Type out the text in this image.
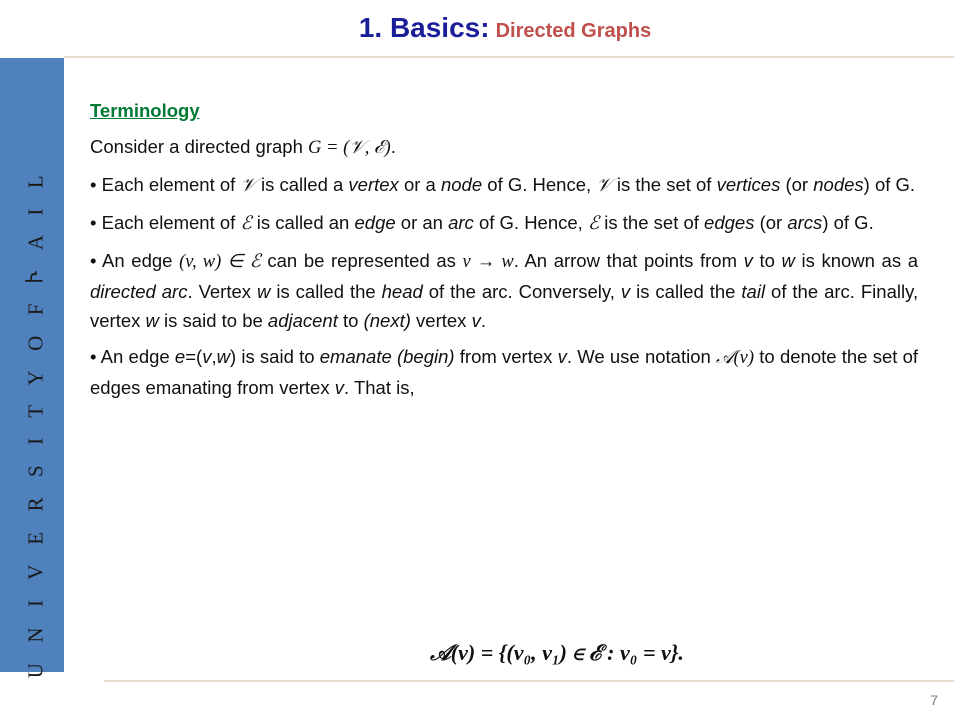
1. Basics: Directed Graphs
U N I V E R S I T Y O F Ⴡ A I L

Terminology

Consider a directed graph G = (𝒱, ℰ).

• Each element of 𝒱 is called a vertex or a node of G. Hence, 𝒱 is the set of vertices (or nodes) of G.

• Each element of ℰ is called an edge or an arc of G. Hence, ℰ is the set of edges (or arcs) of G.

• An edge (v, w) ∈ ℰ can be represented as v → w. An arrow that points from v to w is known as a directed arc. Vertex w is called the head of the arc. Conversely, v is called the tail of the arc. Finally, vertex w is said to be adjacent to (next) vertex v.

• An edge e=(v,w) is said to emanate (begin) from vertex v. We use notation 𝒜(v) to denote the set of edges emanating from vertex v. That is,

𝒜(v) = {(v₀, v₁) ∈ ℰ : v₀ = v}.
7
